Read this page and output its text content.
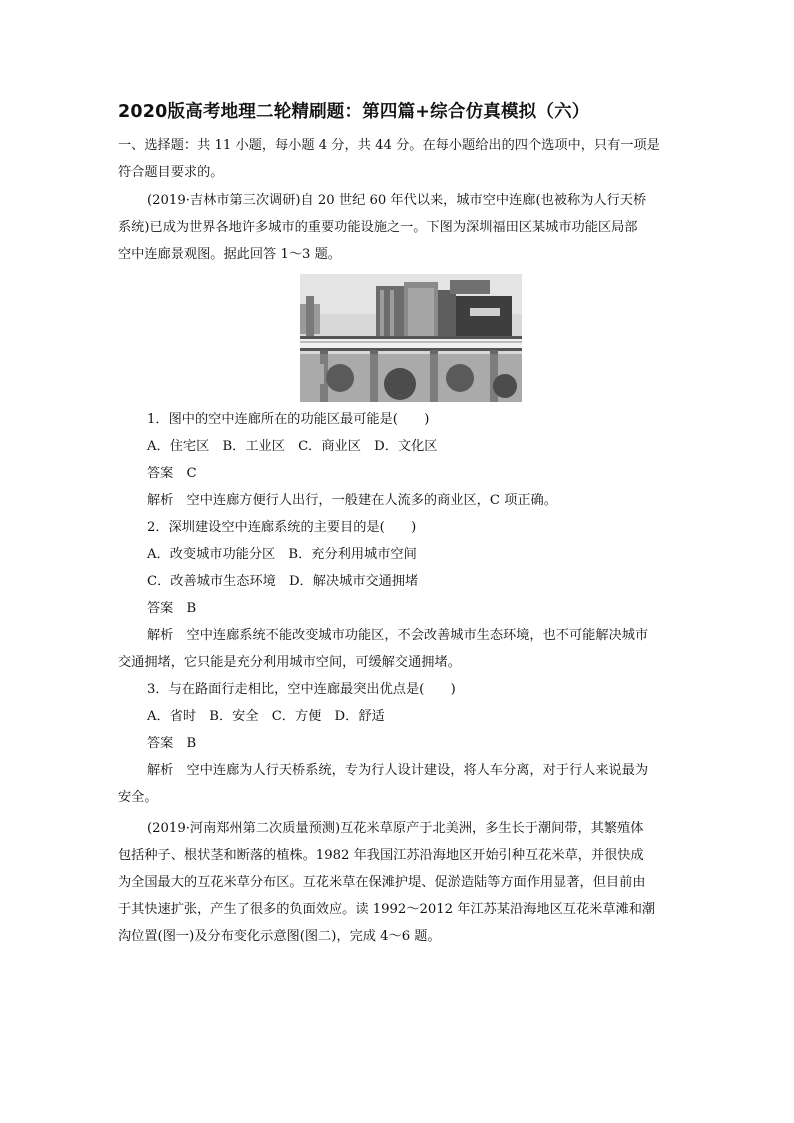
2020版高考地理二轮精刷题：第四篇+综合仿真模拟（六）
一、选择题：共 11 小题，每小题 4 分，共 44 分。在每小题给出的四个选项中，只有一项是
符合题目要求的。
(2019·吉林市第三次调研)自 20 世纪 60 年代以来，城市空中连廊(也被称为人行天桥
系统)已成为世界各地许多城市的重要功能设施之一。下图为深圳福田区某城市功能区局部
空中连廊景观图。据此回答 1～3 题。
1．图中的空中连廊所在的功能区最可能是(　　)
A．住宅区　B．工业区　C．商业区　D．文化区
答案　C
解析　空中连廊方便行人出行，一般建在人流多的商业区，C 项正确。
2．深圳建设空中连廊系统的主要目的是(　　)
A．改变城市功能分区　B．充分利用城市空间
C．改善城市生态环境　D．解决城市交通拥堵
答案　B
解析　空中连廊系统不能改变城市功能区，不会改善城市生态环境，也不可能解决城市
交通拥堵，它只能是充分利用城市空间，可缓解交通拥堵。
3．与在路面行走相比，空中连廊最突出优点是(　　)
A．省时　B．安全　C．方便　D．舒适
答案　B
解析　空中连廊为人行天桥系统，专为行人设计建设，将人车分离，对于行人来说最为
安全。
(2019·河南郑州第二次质量预测)互花米草原产于北美洲，多生长于潮间带，其繁殖体
包括种子、根状茎和断落的植株。1982 年我国江苏沿海地区开始引种互花米草，并很快成
为全国最大的互花米草分布区。互花米草在保滩护堤、促淤造陆等方面作用显著，但目前由
于其快速扩张，产生了很多的负面效应。读 1992～2012 年江苏某沿海地区互花米草滩和潮
沟位置(图一)及分布变化示意图(图二)，完成 4～6 题。
